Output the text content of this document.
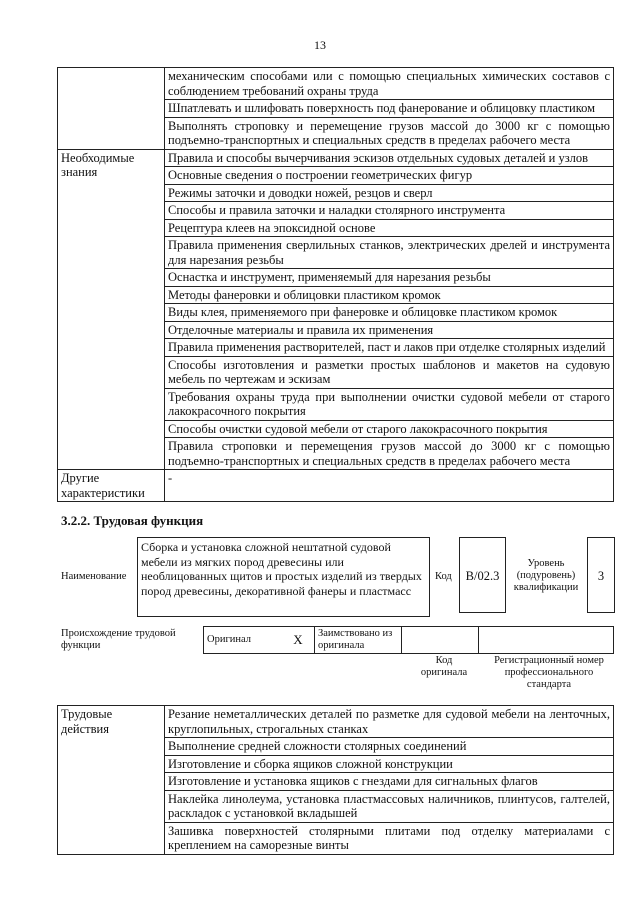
13
	механическим способами или с помощью специальных химических составов с соблюдением требований охраны труда
	Шпатлевать и шлифовать поверхность под фанерование и облицовку пластиком
	Выполнять строповку и перемещение грузов массой до 3000 кг с помощью подъемно-транспортных и специальных средств в пределах рабочего места
Необходимые знания	Правила и способы вычерчивания эскизов отдельных судовых деталей и узлов
	Основные сведения о построении геометрических фигур
	Режимы заточки и доводки ножей, резцов и сверл
	Способы и правила заточки и наладки столярного инструмента
	Рецептура клеев на эпоксидной основе
	Правила применения сверлильных станков, электрических дрелей и инструмента для нарезания резьбы
	Оснастка и инструмент, применяемый для нарезания резьбы
	Методы фанеровки и облицовки пластиком кромок
	Виды клея, применяемого при фанеровке и облицовке пластиком кромок
	Отделочные материалы и правила их применения
	Правила применения растворителей, паст и лаков при отделке столярных изделий
	Способы изготовления и разметки простых шаблонов и макетов на судовую мебель по чертежам и эскизам
	Требования охраны труда при выполнении очистки судовой мебели от старого лакокрасочного покрытия
	Способы очистки судовой мебели от старого лакокрасочного покрытия
	Правила строповки и перемещения грузов массой до 3000 кг с помощью подъемно-транспортных и специальных средств в пределах рабочего места
Другие характеристики	-
3.2.2. Трудовая функция
Наименование
Сборка и установка сложной нештатной судовой мебели из мягких пород древесины или необлицованных щитов и простых изделий из твердых пород древесины, декоративной фанеры и пластмасс
Код	B/02.3
Уровень (подуровень) квалификации
3
Происхождение трудовой функции
Оригинал	X	Заимствовано из оригинала		
Код оригинала
Регистрационный номер профессионального стандарта
Трудовые действия	Резание неметаллических деталей по разметке для судовой мебели на ленточных, круглопильных, строгальных станках
Выполнение средней сложности столярных соединений
Изготовление и сборка ящиков сложной конструкции
Изготовление и установка ящиков с гнездами для сигнальных флагов
Наклейка линолеума, установка пластмассовых наличников, плинтусов, галтелей, раскладок с установкой вкладышей
Зашивка поверхностей столярными плитами под отделку материалами с креплением на саморезные винты
